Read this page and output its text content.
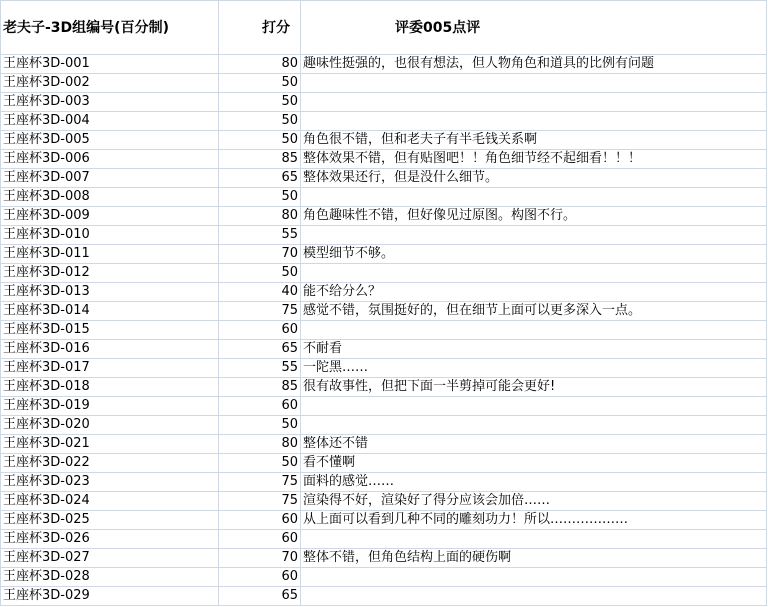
老夫子-3D组编号(百分制)	打分	评委005点评
王座杯3D-001	80	趣味性挺强的，也很有想法，但人物角色和道具的比例有问题
王座杯3D-002	50	
王座杯3D-003	50	
王座杯3D-004	50	
王座杯3D-005	50	角色很不错，但和老夫子有半毛钱关系啊
王座杯3D-006	85	整体效果不错，但有贴图吧！！角色细节经不起细看！！！
王座杯3D-007	65	整体效果还行，但是没什么细节。
王座杯3D-008	50	
王座杯3D-009	80	角色趣味性不错，但好像见过原图。构图不行。
王座杯3D-010	55	
王座杯3D-011	70	模型细节不够。
王座杯3D-012	50	
王座杯3D-013	40	能不给分么？
王座杯3D-014	75	感觉不错，氛围挺好的，但在细节上面可以更多深入一点。
王座杯3D-015	60	
王座杯3D-016	65	不耐看
王座杯3D-017	55	一陀黑……
王座杯3D-018	85	很有故事性，但把下面一半剪掉可能会更好!
王座杯3D-019	60	
王座杯3D-020	50	
王座杯3D-021	80	整体还不错
王座杯3D-022	50	看不懂啊
王座杯3D-023	75	面料的感觉……
王座杯3D-024	75	渲染得不好，渲染好了得分应该会加倍……
王座杯3D-025	60	从上面可以看到几种不同的雕刻功力！所以………………
王座杯3D-026	60	
王座杯3D-027	70	整体不错，但角色结构上面的硬伤啊
王座杯3D-028	60	
王座杯3D-029	65	
